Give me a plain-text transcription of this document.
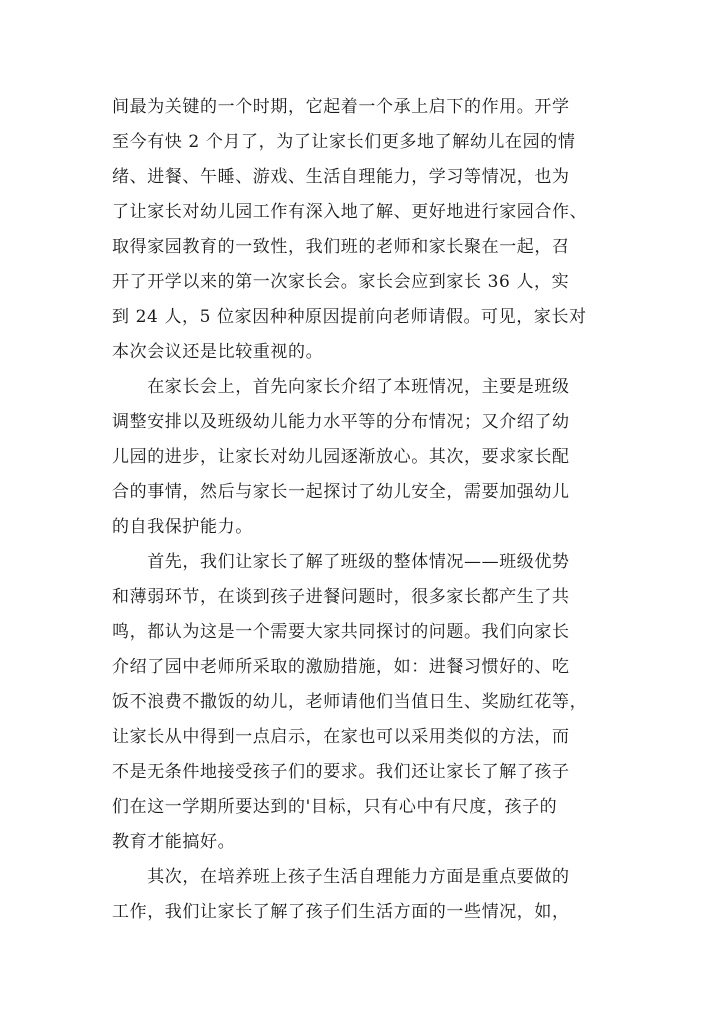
间最为关键的一个时期，它起着一个承上启下的作用。开学
至今有快 2 个月了，为了让家长们更多地了解幼儿在园的情
绪、进餐、午睡、游戏、生活自理能力，学习等情况，也为
了让家长对幼儿园工作有深入地了解、更好地进行家园合作、
取得家园教育的一致性，我们班的老师和家长聚在一起，召
开了开学以来的第一次家长会。家长会应到家长 36 人，实
到 24 人，5 位家因种种原因提前向老师请假。可见，家长对
本次会议还是比较重视的。
　　在家长会上，首先向家长介绍了本班情况，主要是班级
调整安排以及班级幼儿能力水平等的分布情况；又介绍了幼
儿园的进步，让家长对幼儿园逐渐放心。其次，要求家长配
合的事情，然后与家长一起探讨了幼儿安全，需要加强幼儿
的自我保护能力。
　　首先，我们让家长了解了班级的整体情况——班级优势
和薄弱环节，在谈到孩子进餐问题时，很多家长都产生了共
鸣，都认为这是一个需要大家共同探讨的问题。我们向家长
介绍了园中老师所采取的激励措施，如：进餐习惯好的、吃
饭不浪费不撒饭的幼儿，老师请他们当值日生、奖励红花等，
让家长从中得到一点启示，在家也可以采用类似的方法，而
不是无条件地接受孩子们的要求。我们还让家长了解了孩子
们在这一学期所要达到的'目标，只有心中有尺度，孩子的
教育才能搞好。
　　其次，在培养班上孩子生活自理能力方面是重点要做的
工作，我们让家长了解了孩子们生活方面的一些情况，如，
